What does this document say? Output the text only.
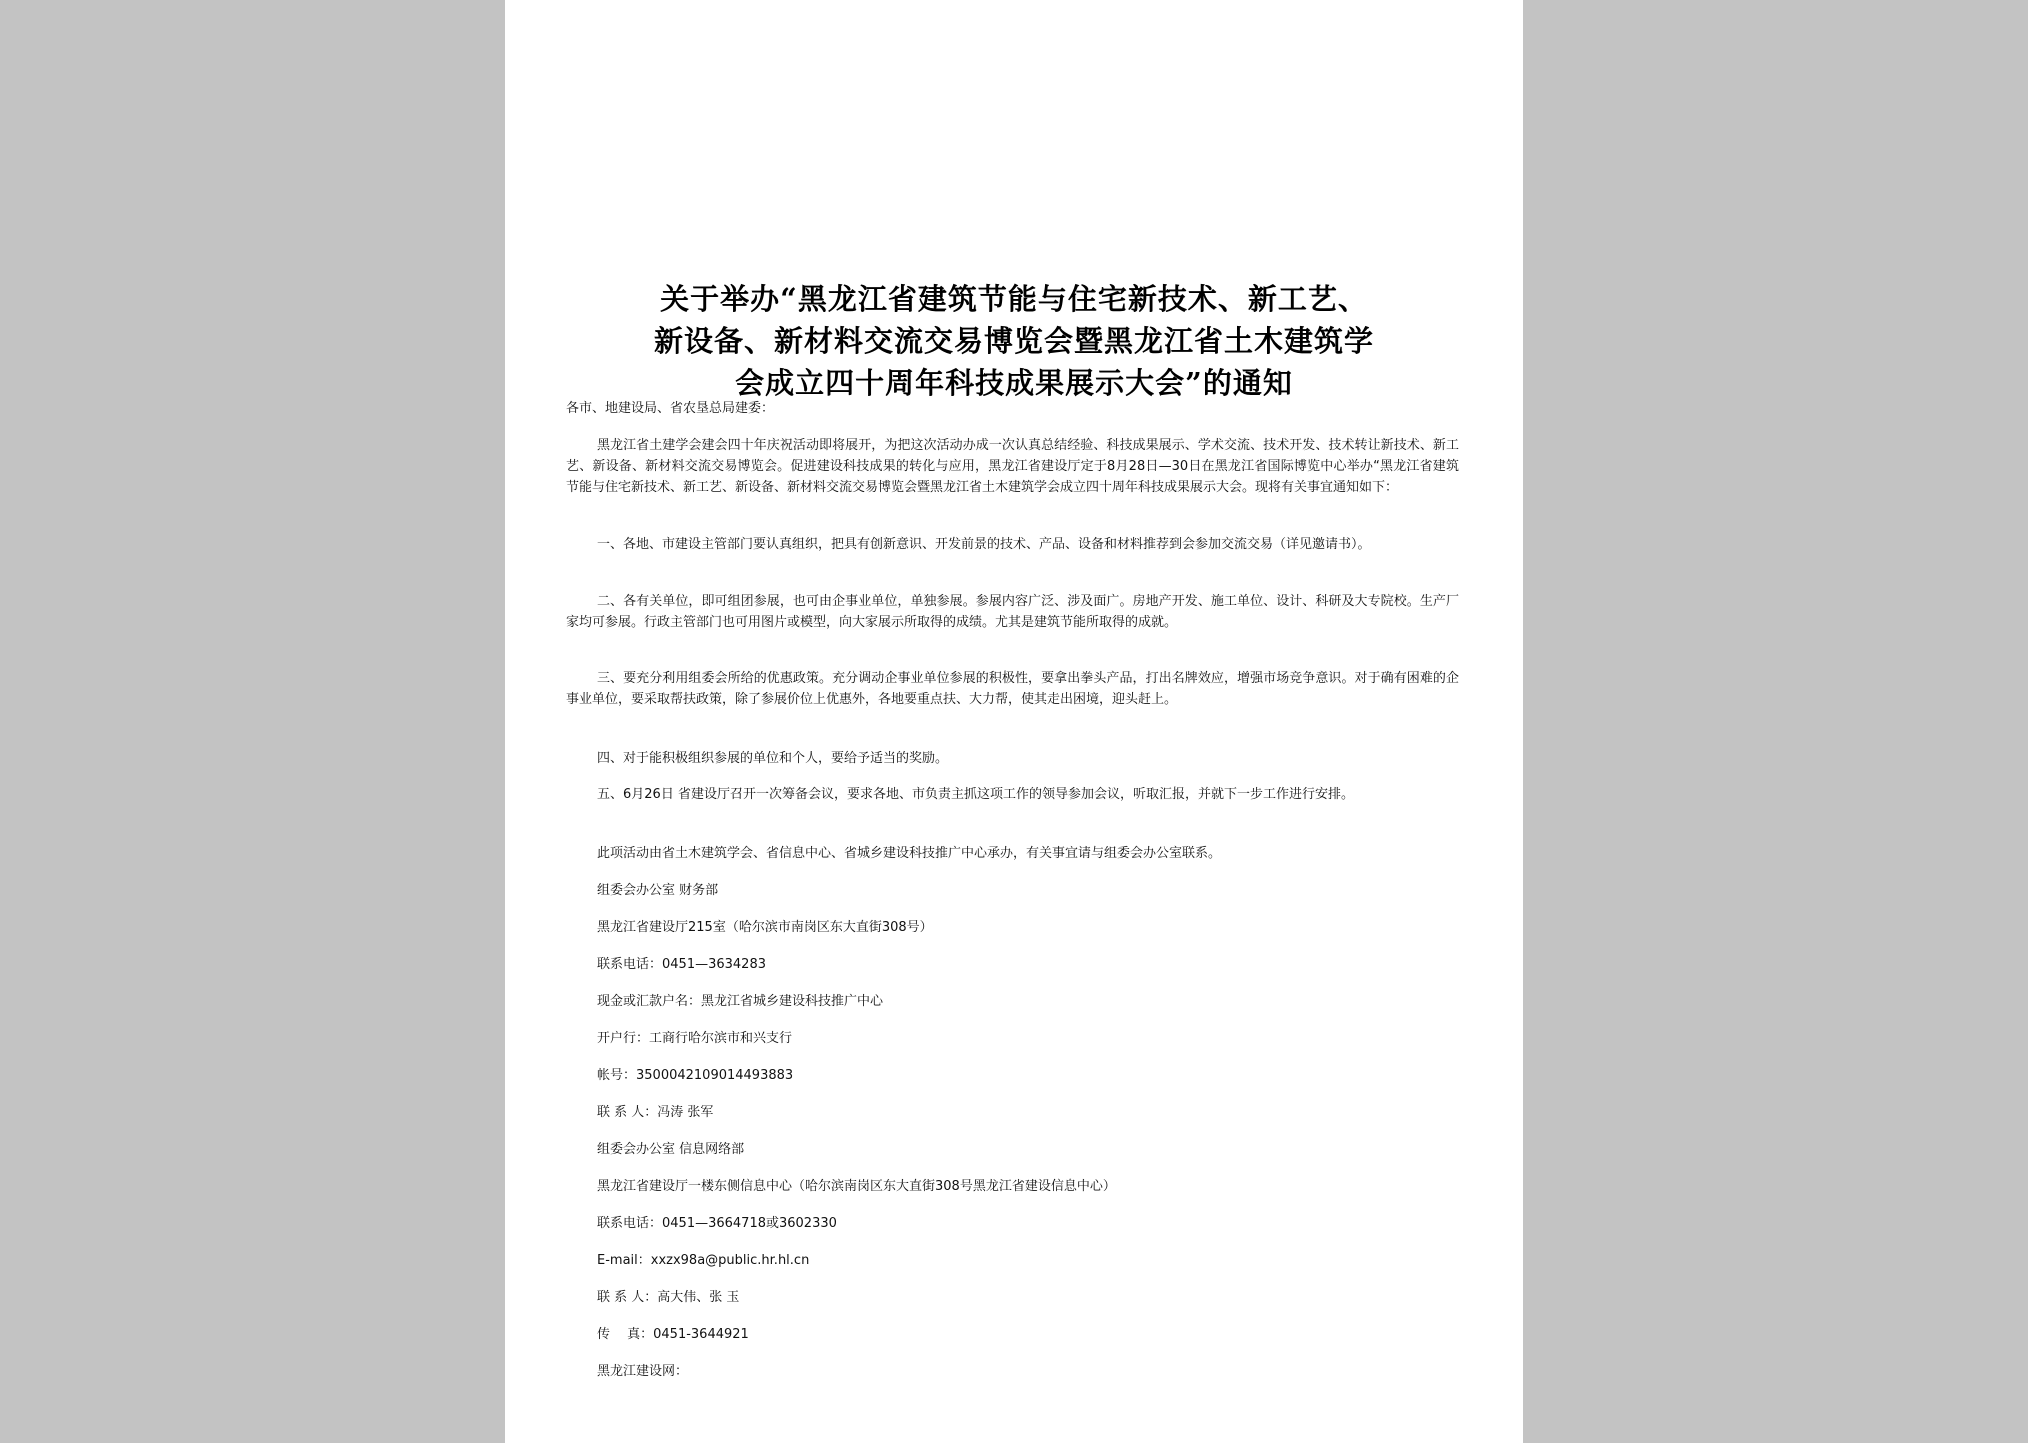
关于举办“黑龙江省建筑节能与住宅新技术、新工艺、
新设备、新材料交流交易博览会暨黑龙江省土木建筑学
会成立四十周年科技成果展示大会”的通知

各市、地建设局、省农垦总局建委：

黑龙江省土建学会建会四十年庆祝活动即将展开，为把这次活动办成一次认真总结经验、科技成果展示、学术交流、技术开发、技术转让新技术、新工艺、新设备、新材料交流交易博览会。促进建设科技成果的转化与应用，黑龙江省建设厅定于8月28日—30日在黑龙江省国际博览中心举办“黑龙江省建筑节能与住宅新技术、新工艺、新设备、新材料交流交易博览会暨黑龙江省土木建筑学会成立四十周年科技成果展示大会。现将有关事宜通知如下：

一、各地、市建设主管部门要认真组织，把具有创新意识、开发前景的技术、产品、设备和材料推荐到会参加交流交易（详见邀请书）。

二、各有关单位，即可组团参展，也可由企事业单位，单独参展。参展内容广泛、涉及面广。房地产开发、施工单位、设计、科研及大专院校。生产厂家均可参展。行政主管部门也可用图片或模型，向大家展示所取得的成绩。尤其是建筑节能所取得的成就。

三、要充分利用组委会所给的优惠政策。充分调动企事业单位参展的积极性，要拿出拳头产品，打出名牌效应，增强市场竞争意识。对于确有困难的企事业单位，要采取帮扶政策，除了参展价位上优惠外，各地要重点扶、大力帮，使其走出困境，迎头赶上。

四、对于能积极组织参展的单位和个人，要给予适当的奖励。

五、6月26日 省建设厅召开一次筹备会议，要求各地、市负责主抓这项工作的领导参加会议，听取汇报，并就下一步工作进行安排。

此项活动由省土木建筑学会、省信息中心、省城乡建设科技推广中心承办，有关事宜请与组委会办公室联系。

组委会办公室 财务部

黑龙江省建设厅215室（哈尔滨市南岗区东大直街308号）

联系电话：0451—3634283

现金或汇款户名：黑龙江省城乡建设科技推广中心

开户行：工商行哈尔滨市和兴支行

帐号：3500042109014493883

联 系 人：冯涛 张军

组委会办公室 信息网络部

黑龙江省建设厅一楼东侧信息中心（哈尔滨南岗区东大直街308号黑龙江省建设信息中心）

联系电话：0451—3664718或3602330

E-mail：xxzx98a@public.hr.hl.cn

联 系 人：高大伟、张 玉

传　 真：0451-3644921

黑龙江建设网：
